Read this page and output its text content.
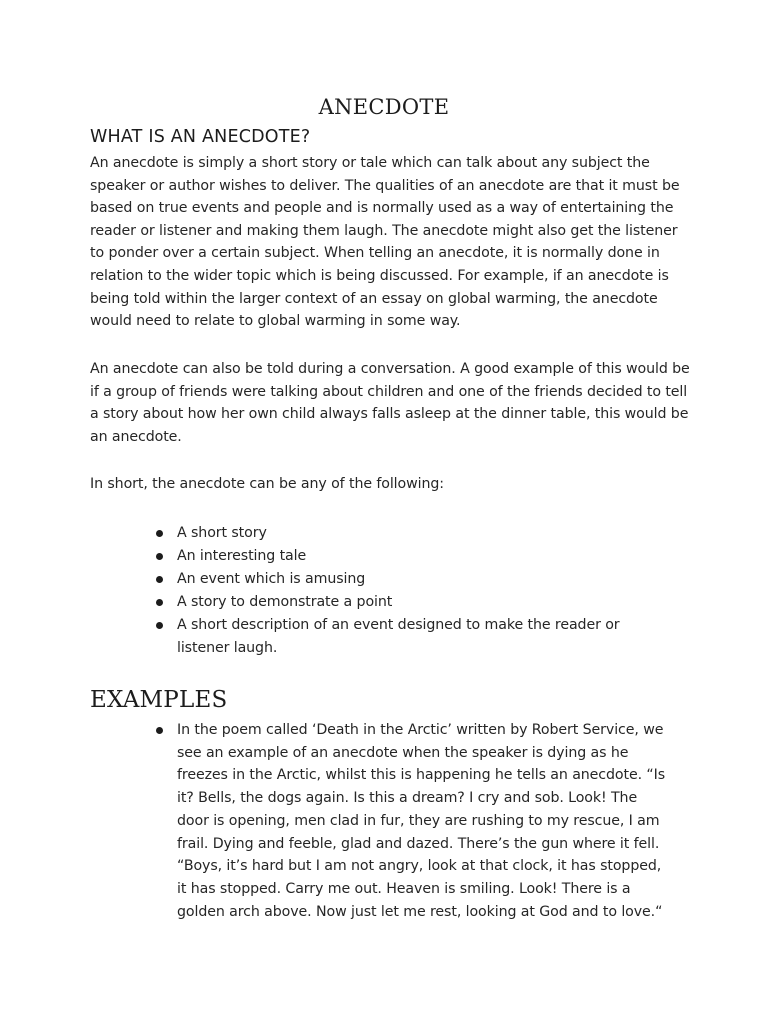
ANECDOTE
WHAT IS AN ANECDOTE?

An anecdote is simply a short story or tale which can talk about any subject the speaker or author wishes to deliver. The qualities of an anecdote are that it must be based on true events and people and is normally used as a way of entertaining the reader or listener and making them laugh. The anecdote might also get the listener to ponder over a certain subject. When telling an anecdote, it is normally done in relation to the wider topic which is being discussed. For example, if an anecdote is being told within the larger context of an essay on global warming, the anecdote would need to relate to global warming in some way.

An anecdote can also be told during a conversation. A good example of this would be if a group of friends were talking about children and one of the friends decided to tell a story about how her own child always falls asleep at the dinner table, this would be an anecdote.

In short, the anecdote can be any of the following:

A short story
An interesting tale
An event which is amusing
A story to demonstrate a point
A short description of an event designed to make the reader or listener laugh.
EXAMPLES
In the poem called ‘Death in the Arctic’ written by Robert Service, we see an example of an anecdote when the speaker is dying as he freezes in the Arctic, whilst this is happening he tells an anecdote. “Is it? Bells, the dogs again. Is this a dream? I cry and sob. Look! The door is opening, men clad in fur, they are rushing to my rescue, I am frail. Dying and feeble, glad and dazed. There’s the gun where it fell. “Boys, it’s hard but I am not angry, look at that clock, it has stopped, it has stopped. Carry me out. Heaven is smiling. Look! There is a golden arch above. Now just let me rest, looking at God and to love.“
